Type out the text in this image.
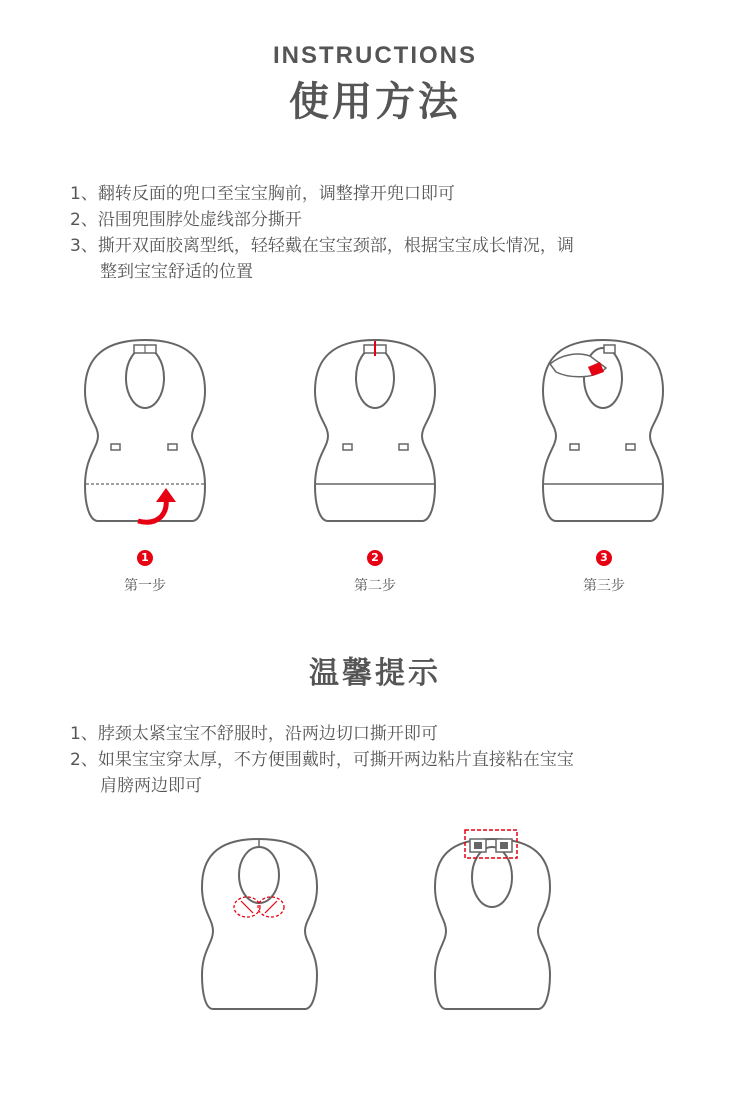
INSTRUCTIONS
使用方法
1、翻转反面的兜口至宝宝胸前，调整撑开兜口即可
2、沿围兜围脖处虚线部分撕开
3、撕开双面胶离型纸，轻轻戴在宝宝颈部，根据宝宝成长情况，调
整到宝宝舒适的位置
1
第一步
2
第二步
3
第三步
温馨提示
1、脖颈太紧宝宝不舒服时，沿两边切口撕开即可
2、如果宝宝穿太厚，不方便围戴时，可撕开两边粘片直接粘在宝宝
肩膀两边即可
